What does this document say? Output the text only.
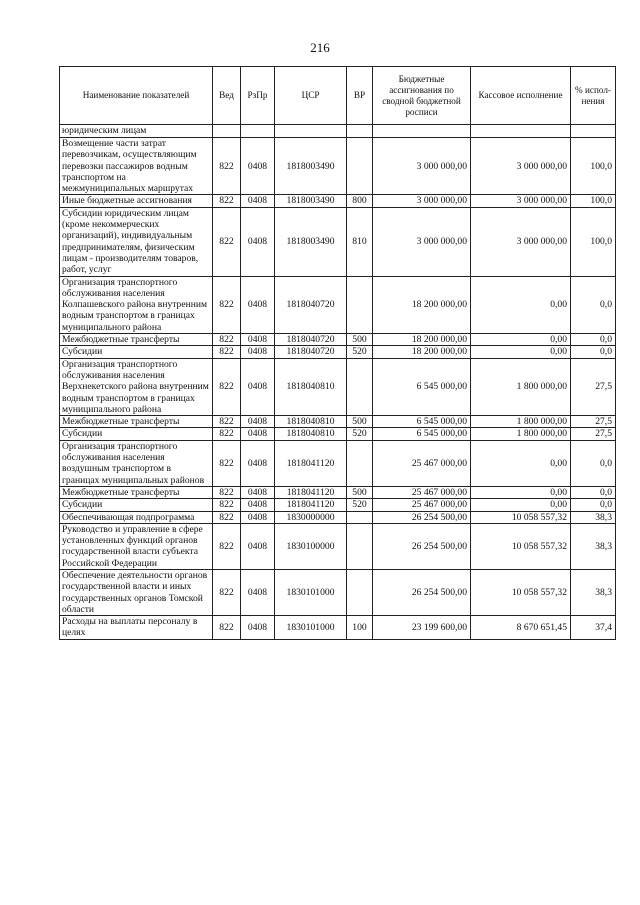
216
Наименование показателей	Вед	РзПр	ЦСР	ВР	Бюджетные ассигнования по сводной бюджетной росписи	Кассовое исполнение	% испол- нения
юридическим лицам							
Возмещение части затрат перевозчикам, осуществляющим перевозки пассажиров водным транспортом на межмуниципальных маршрутах	822	0408	1818003490		3 000 000,00	3 000 000,00	100,0
Иные бюджетные ассигнования	822	0408	1818003490	800	3 000 000,00	3 000 000,00	100,0
Субсидии юридическим лицам (кроме некоммерческих организаций), индивидуальным предпринимателям, физическим лицам - производителям товаров, работ, услуг	822	0408	1818003490	810	3 000 000,00	3 000 000,00	100,0
Организация транспортного обслуживания населения Колпашевского района внутренним водным транспортом в границах муниципального района	822	0408	1818040720		18 200 000,00	0,00	0,0
Межбюджетные трансферты	822	0408	1818040720	500	18 200 000,00	0,00	0,0
Субсидии	822	0408	1818040720	520	18 200 000,00	0,00	0,0
Организация транспортного обслуживания населения Верхнекетского района внутренним водным транспортом в границах муниципального района	822	0408	1818040810		6 545 000,00	1 800 000,00	27,5
Межбюджетные трансферты	822	0408	1818040810	500	6 545 000,00	1 800 000,00	27,5
Субсидии	822	0408	1818040810	520	6 545 000,00	1 800 000,00	27,5
Организация транспортного обслуживания населения воздушным транспортом в границах муниципальных районов	822	0408	1818041120		25 467 000,00	0,00	0,0
Межбюджетные трансферты	822	0408	1818041120	500	25 467 000,00	0,00	0,0
Субсидии	822	0408	1818041120	520	25 467 000,00	0,00	0,0
Обеспечивающая подпрограмма	822	0408	1830000000		26 254 500,00	10 058 557,32	38,3
Руководство и управление в сфере установленных функций органов государственной власти субъекта Российской Федерации	822	0408	1830100000		26 254 500,00	10 058 557,32	38,3
Обеспечение деятельности органов государственной власти и иных государственных органов Томской области	822	0408	1830101000		26 254 500,00	10 058 557,32	38,3
Расходы на выплаты персоналу в целях	822	0408	1830101000	100	23 199 600,00	8 670 651,45	37,4
